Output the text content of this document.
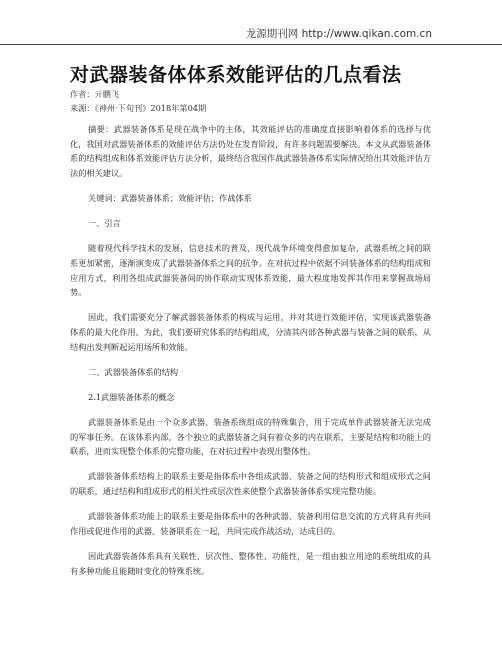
龙源期刊网 http://www.qikan.com.cn
对武器装备体体系效能评估的几点看法
作者：亓鹏飞
来源：《神州·下旬刊》2018年第04期

摘要：武器装备体系是现在战争中的主体，其效能评估的准确度直接影响着体系的选择与优化，我国对武器装备体系的效能评估方法仍处在发育阶段，有许多问题需要解决。本文从武器装备体系的结构组成和体系效能评估方法分析，最终结合我国作战武器装备体系实际情况给出其效能评估方法的相关建议。

关键词：武器装备体系；效能评估；作战体系

一、引言

随着现代科学技术的发展，信息技术的普及，现代战争环境变得愈加复杂，武器系统之间的联系更加紧密，逐渐演变成了武器装备体系之间的抗争。在对抗过程中依据不同装备体系的结构组成和应用方式，利用各组成武器装备间的协作联动实现体系效能，最大程度地发挥其作用来掌握战场局势。

因此，我们需要充分了解武器装备体系的构成与运用，并对其进行效能评估，实现该武器装备体系的最大化作用。为此，我们要研究体系的结构组成，分清其内部各种武器与装备之间的联系，从结构出发判断起运用场所和效能。

二、武器装备体系的结构

2.1武器装备体系的概念

武器装备体系是由一个众多武器、装备系统组成的特殊集合，用于完成单件武器装备无法完成的军事任务。在该体系内部，各个独立的武器装备之间有着众多的内在联系，主要是结构和功能上的联系，进而实现整个体系的完整功能，在对抗过程中表现出整体性。

武器装备体系结构上的联系主要是指体系中各组成武器、装备之间的结构形式和组成形式之间的联系，通过结构和组成形式的相关性或层次性来使整个武器装备体系实现完整功能。

武器装备体系功能上的联系主要是指体系中的各种武器、装备利用信息交流的方式将具有共同作用或促进作用的武器、装备联系在一起，共同完成作战活动，达成目的。

因此武器装备体系具有关联性、层次性、整体性、功能性，是一组由独立用途的系统组成的具有多种功能且能随时变化的特殊系统。
